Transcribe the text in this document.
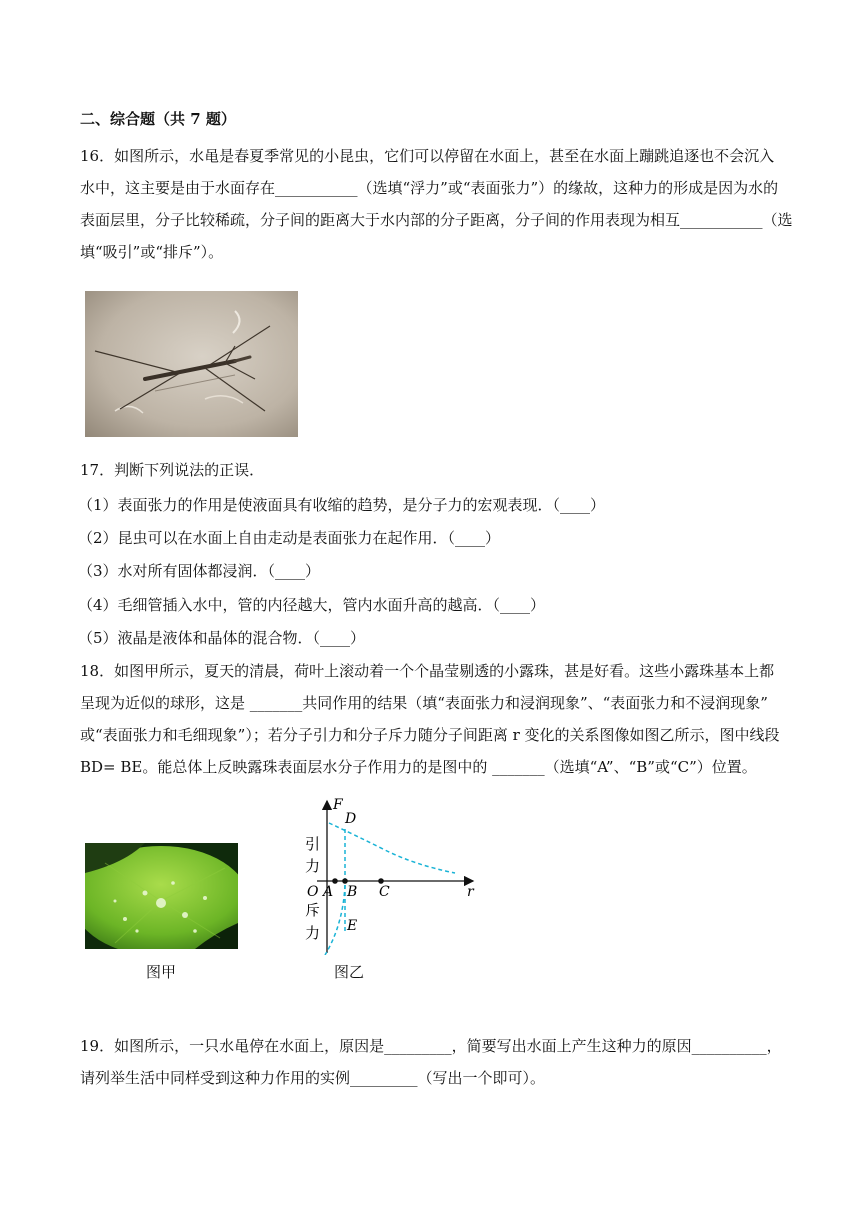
二、综合题（共 7 题）
16．如图所示，水黾是春夏季常见的小昆虫，它们可以停留在水面上，甚至在水面上蹦跳追逐也不会沉入
水中，这主要是由于水面存在___________（选填“浮力”或“表面张力”）的缘故，这种力的形成是因为水的
表面层里，分子比较稀疏，分子间的距离大于水内部的分子距离，分子间的作用表现为相互___________（选
填“吸引”或“排斥”）。
17．判断下列说法的正误．
（1）表面张力的作用是使液面具有收缩的趋势，是分子力的宏观表现．（____）
（2）昆虫可以在水面上自由走动是表面张力在起作用．（____）
（3）水对所有固体都浸润．（____）
（4）毛细管插入水中，管的内径越大，管内水面升高的越高．（____）
（5）液晶是液体和晶体的混合物．（____）
18．如图甲所示，夏天的清晨，荷叶上滚动着一个个晶莹剔透的小露珠，甚是好看。这些小露珠基本上都
呈现为近似的球形，这是 _______共同作用的结果（填“表面张力和浸润现象”、“表面张力和不浸润现象”
或“表面张力和毛细现象”）；若分子引力和分子斥力随分子间距离 r 变化的关系图像如图乙所示，图中线段
BD= BE。能总体上反映露珠表面层水分子作用力的是图中的 _______（选填“A”、“B”或“C”）位置。
图甲
F
r
O A B C
D
E
引
力
斥
力
图乙
19．如图所示，一只水黾停在水面上，原因是_________，简要写出水面上产生这种力的原因__________，
请列举生活中同样受到这种力作用的实例_________（写出一个即可）。
